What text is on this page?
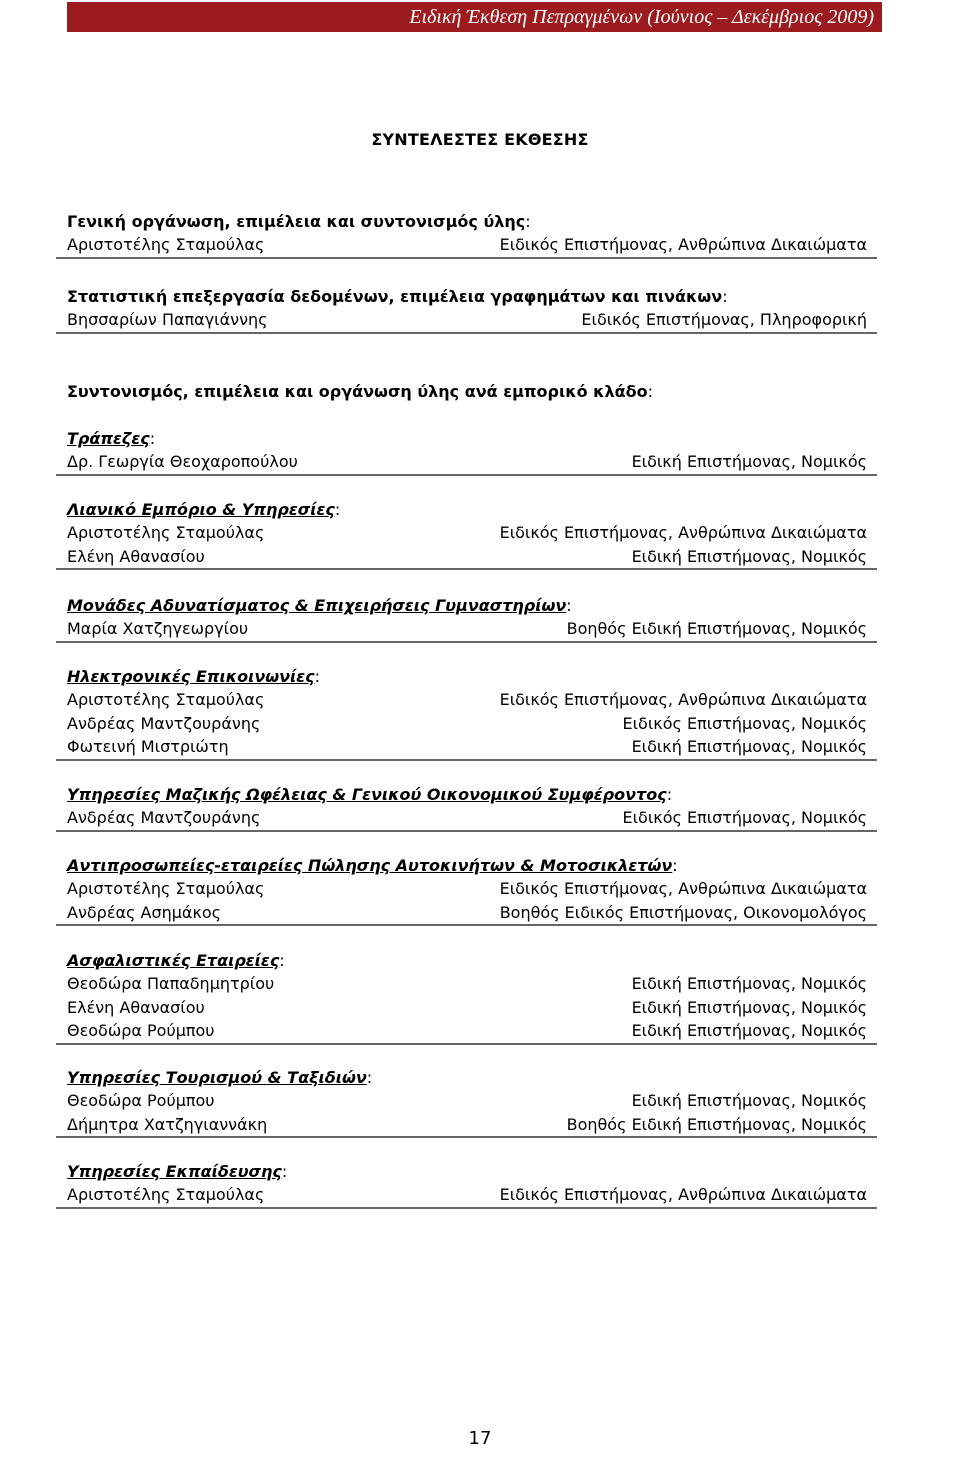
Ειδική Έκθεση Πεπραγμένων (Ιούνιος – Δεκέμβριος 2009)
ΣΥΝΤΕΛΕΣΤΕΣ ΕΚΘΕΣΗΣ
Γενική οργάνωση, επιμέλεια και συντονισμός ύλης:
Αριστοτέλης Σταμούλας	Ειδικός Επιστήμονας, Ανθρώπινα Δικαιώματα
Στατιστική επεξεργασία δεδομένων, επιμέλεια γραφημάτων και πινάκων:
Βησσαρίων Παπαγιάννης	Ειδικός Επιστήμονας, Πληροφορική
Συντονισμός, επιμέλεια και οργάνωση ύλης ανά εμπορικό κλάδο:
Τράπεζες:
Δρ. Γεωργία Θεοχαροπούλου	Ειδική Επιστήμονας, Νομικός
Λιανικό Εμπόριο & Υπηρεσίες:
Αριστοτέλης Σταμούλας	Ειδικός Επιστήμονας, Ανθρώπινα Δικαιώματα
Ελένη Αθανασίου	Ειδική Επιστήμονας, Νομικός
Μονάδες Αδυνατίσματος & Επιχειρήσεις Γυμναστηρίων:
Μαρία Χατζηγεωργίου	Βοηθός Ειδική Επιστήμονας, Νομικός
Ηλεκτρονικές Επικοινωνίες:
Αριστοτέλης Σταμούλας	Ειδικός Επιστήμονας, Ανθρώπινα Δικαιώματα
Ανδρέας Μαντζουράνης	Ειδικός Επιστήμονας, Νομικός
Φωτεινή Μιστριώτη	Ειδική Επιστήμονας, Νομικός
Υπηρεσίες Μαζικής Ωφέλειας & Γενικού Οικονομικού Συμφέροντος:
Ανδρέας Μαντζουράνης	Ειδικός Επιστήμονας, Νομικός
Αντιπροσωπείες-εταιρείες Πώλησης Αυτοκινήτων & Μοτοσικλετών:
Αριστοτέλης Σταμούλας	Ειδικός Επιστήμονας, Ανθρώπινα Δικαιώματα
Ανδρέας Ασημάκος	Βοηθός Ειδικός Επιστήμονας, Οικονομολόγος
Ασφαλιστικές Εταιρείες:
Θεοδώρα Παπαδημητρίου	Ειδική Επιστήμονας, Νομικός
Ελένη Αθανασίου	Ειδική Επιστήμονας, Νομικός
Θεοδώρα Ρούμπου	Ειδική Επιστήμονας, Νομικός
Υπηρεσίες Τουρισμού & Ταξιδιών:
Θεοδώρα Ρούμπου	Ειδική Επιστήμονας, Νομικός
Δήμητρα Χατζηγιαννάκη	Βοηθός Ειδική Επιστήμονας, Νομικός
Υπηρεσίες Εκπαίδευσης:
Αριστοτέλης Σταμούλας	Ειδικός Επιστήμονας, Ανθρώπινα Δικαιώματα
17
